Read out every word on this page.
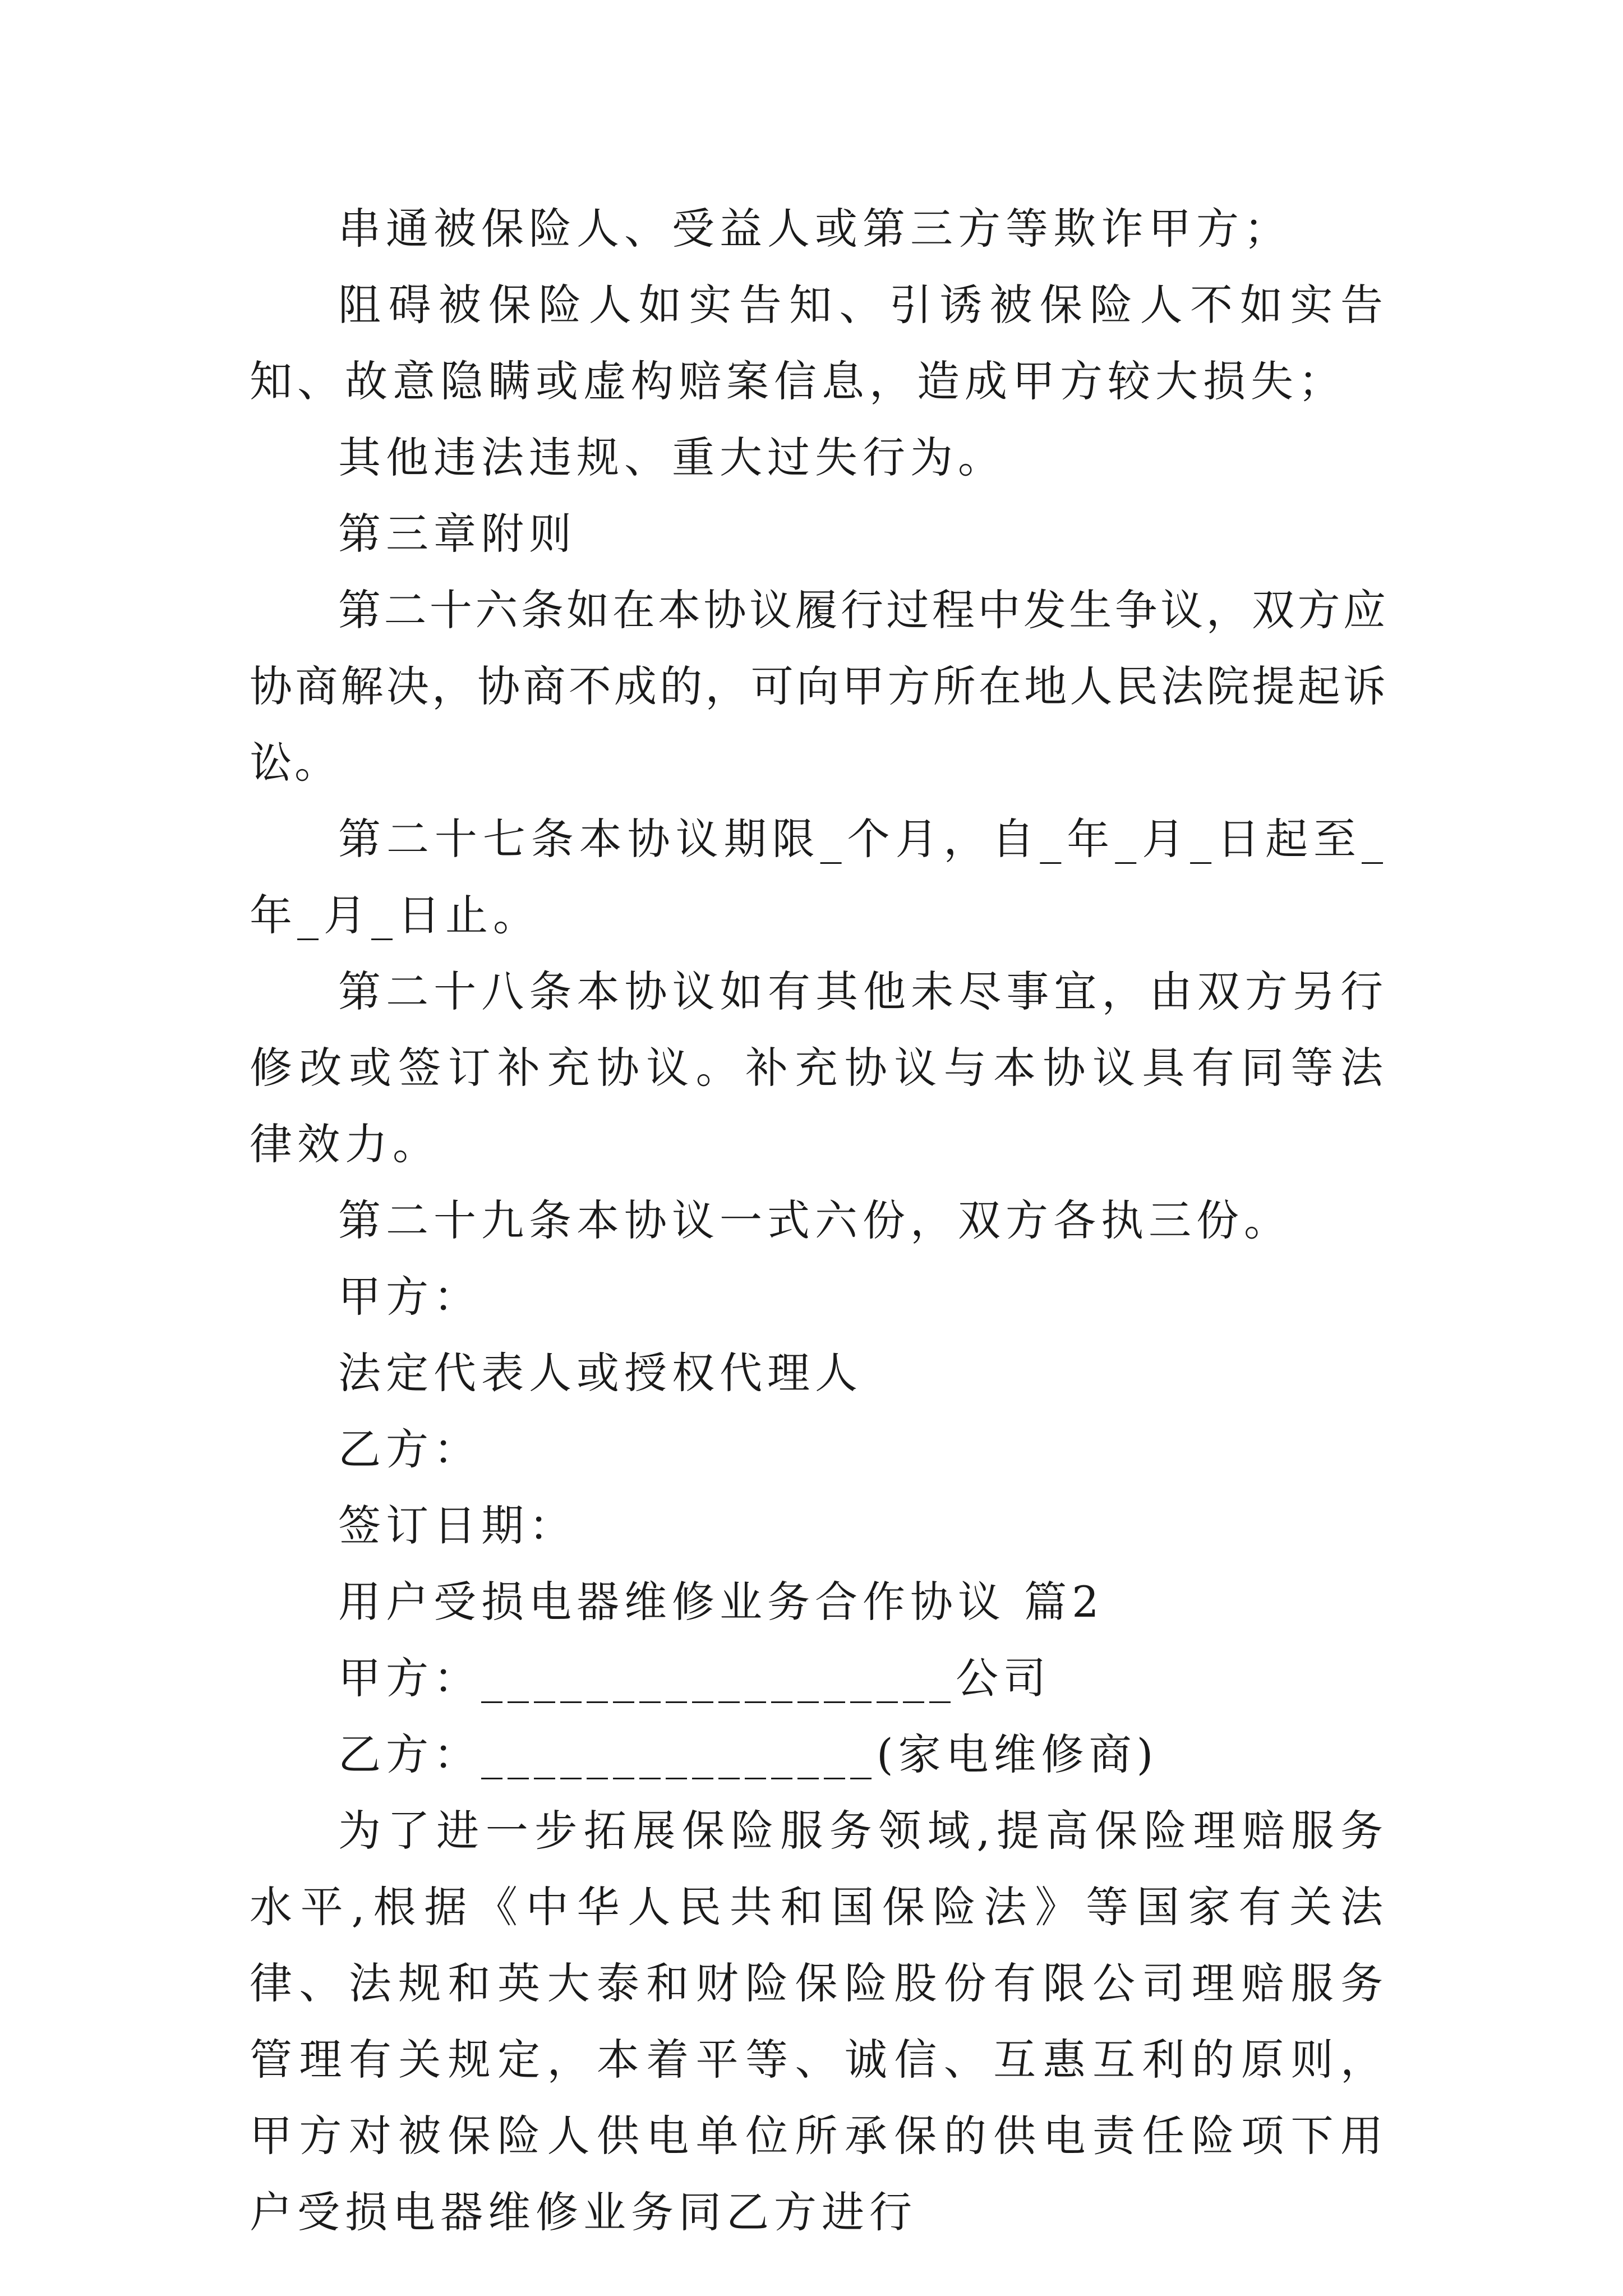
串通被保险人、受益人或第三方等欺诈甲方；

阻碍被保险人如实告知、引诱被保险人不如实告知、故意隐瞒或虚构赔案信息，造成甲方较大损失；

其他违法违规、重大过失行为。

第三章附则

第二十六条如在本协议履行过程中发生争议，双方应协商解决，协商不成的，可向甲方所在地人民法院提起诉讼。

第二十七条本协议期限_个月，自_年_月_日起至_年_月_日止。

第二十八条本协议如有其他未尽事宜，由双方另行修改或签订补充协议。补充协议与本协议具有同等法律效力。

第二十九条本协议一式六份，双方各执三份。

甲方：

法定代表人或授权代理人

乙方：

签订日期：

用户受损电器维修业务合作协议 篇2

甲方：__________________公司

乙方：_______________(家电维修商)

为了进一步拓展保险服务领域,提高保险理赔服务水平,根据《中华人民共和国保险法》等国家有关法律、法规和英大泰和财险保险股份有限公司理赔服务管理有关规定，本着平等、诚信、互惠互利的原则，甲方对被保险人供电单位所承保的供电责任险项下用户受损电器维修业务同乙方进行
